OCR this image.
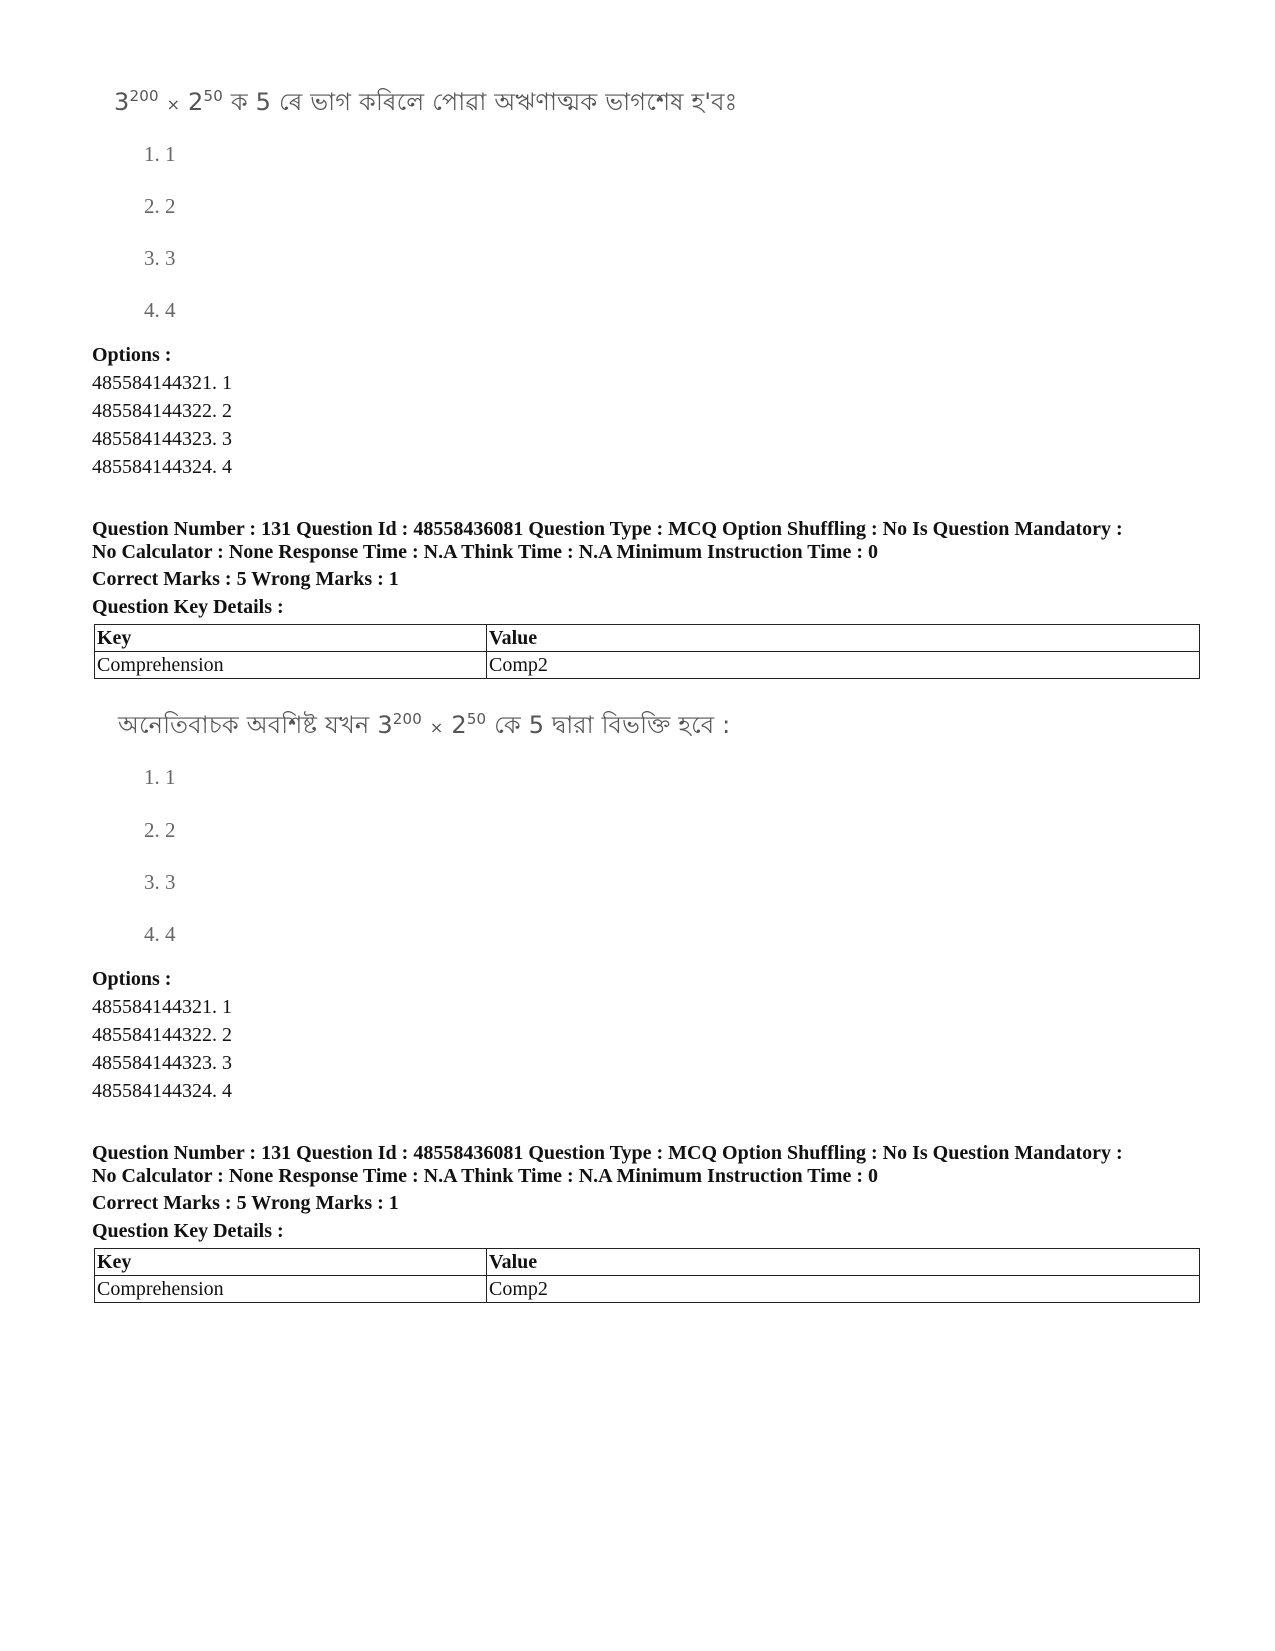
$3^{200} \times 2^{50}$ ক 5 ৰে ভাগ কৰিলে পোৱা অঋণাত্মক ভাগশেষ হ'বঃ
1. 1
2. 2
3. 3
4. 4
Options :
485584144321. 1
485584144322. 2
485584144323. 3
485584144324. 4
Question Number : 131 Question Id : 48558436081 Question Type : MCQ Option Shuffling : No Is Question Mandatory :
No Calculator : None Response Time : N.A Think Time : N.A Minimum Instruction Time : 0
Correct Marks : 5 Wrong Marks : 1
Question Key Details :
Key	Value
Comprehension	Comp2
অনেতিবাচক অবশিষ্ট যখন $3^{200} \times 2^{50}$ কে 5 দ্বারা বিভক্তি হবে :
1. 1
2. 2
3. 3
4. 4
Options :
485584144321. 1
485584144322. 2
485584144323. 3
485584144324. 4
Question Number : 131 Question Id : 48558436081 Question Type : MCQ Option Shuffling : No Is Question Mandatory :
No Calculator : None Response Time : N.A Think Time : N.A Minimum Instruction Time : 0
Correct Marks : 5 Wrong Marks : 1
Question Key Details :
Key	Value
Comprehension	Comp2
